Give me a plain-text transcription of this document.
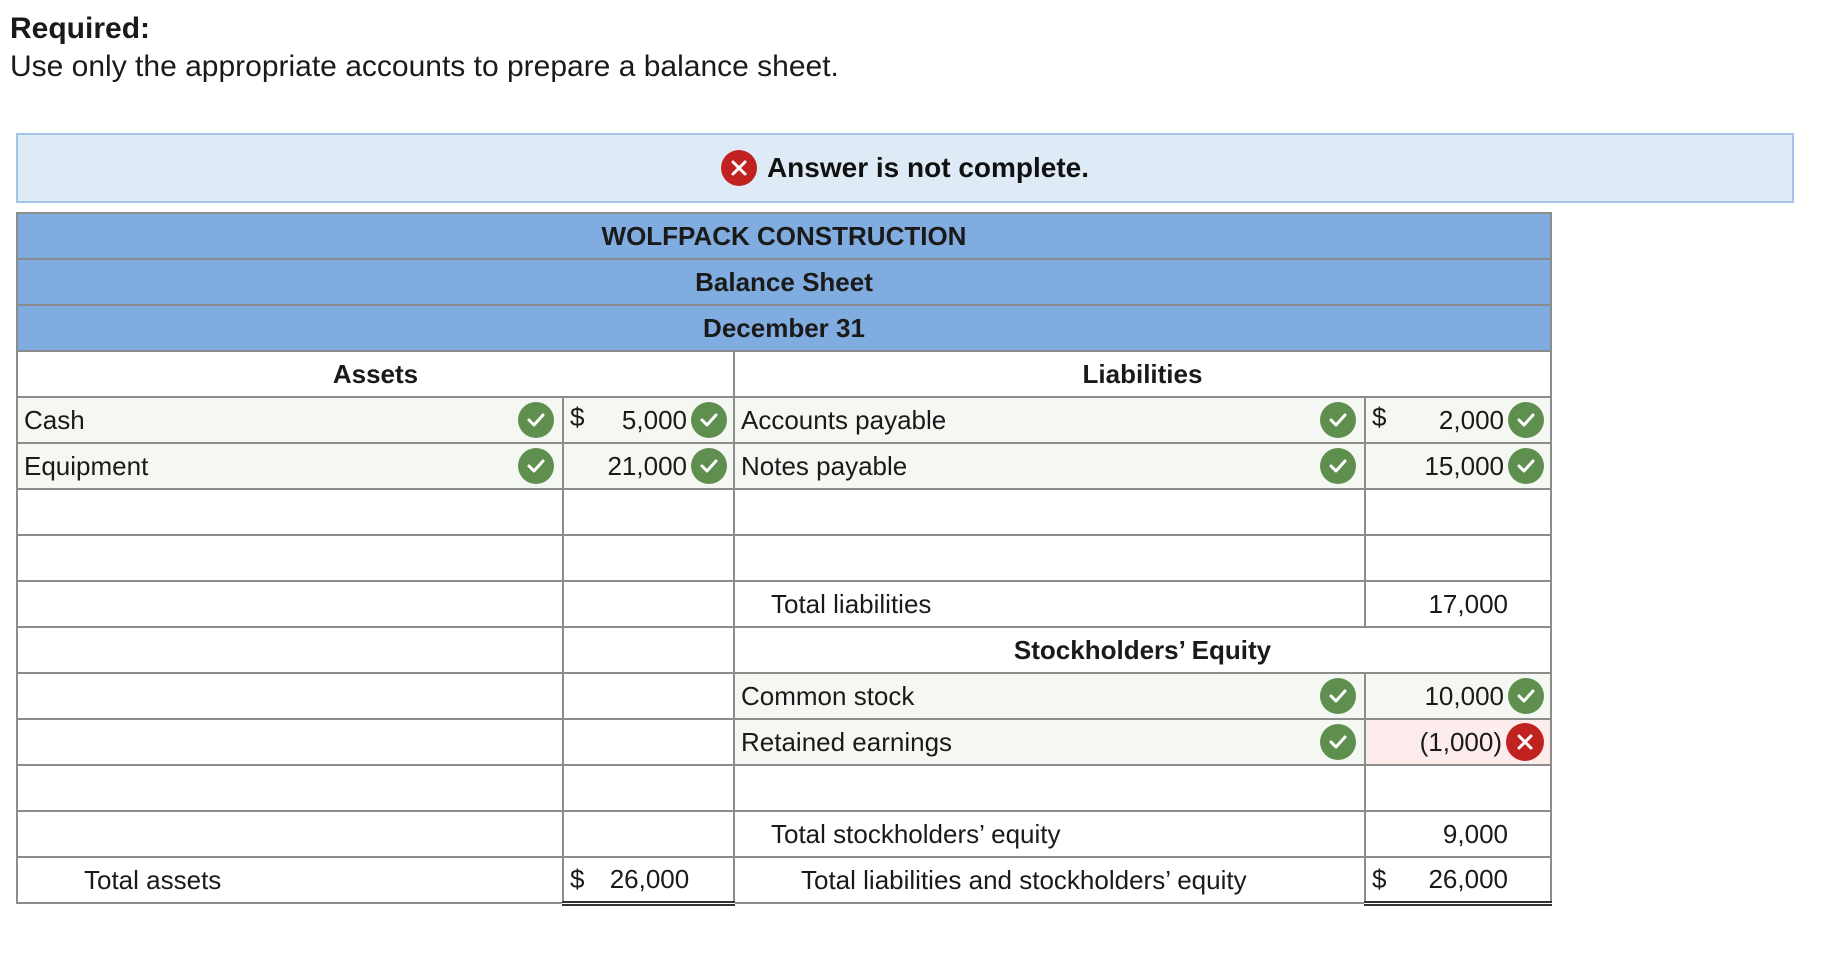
Required:
Use only the appropriate accounts to prepare a balance sheet.
Answer is not complete.
WOLFPACK CONSTRUCTION			
Balance Sheet			
December 31			
Assets		Liabilities	
Cash	$ 5,000	Accounts payable	$ 2,000

Equipment	21,000	Notes payable	15,000

		Total liabilities	17,000
		Stockholders’ Equity	
		Common stock	10,000

		Retained earnings	(1,000)

		Total stockholders’ equity	9,000
Total assets	$ 26,000	Total liabilities and stockholders’ equity	$ 26,000
